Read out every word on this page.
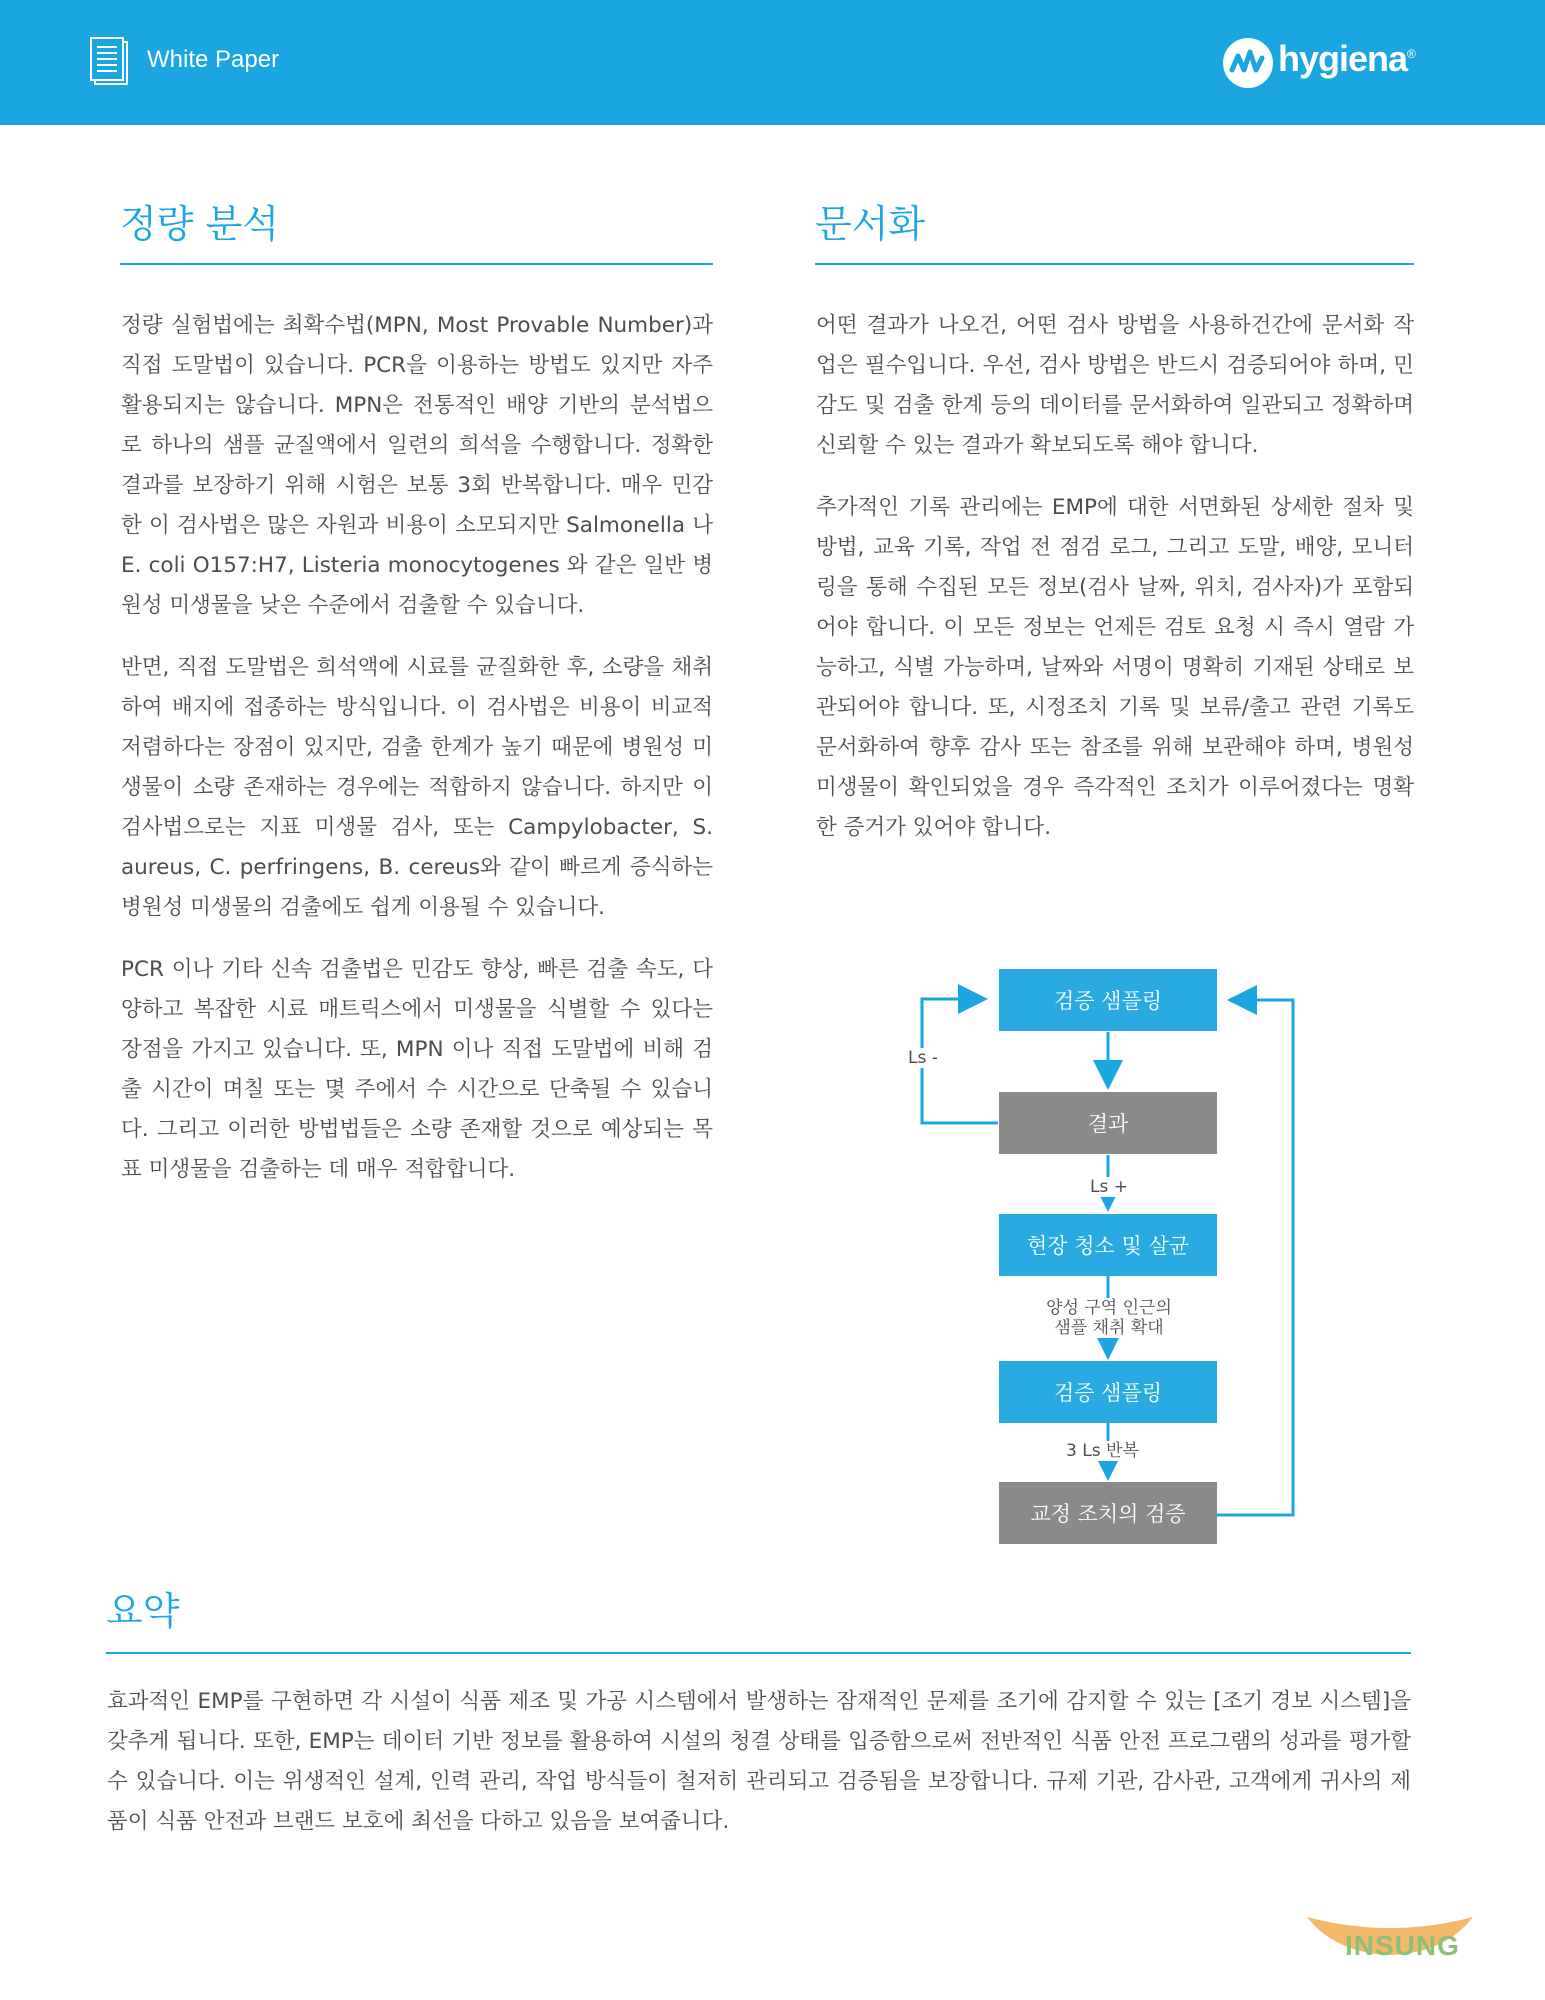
White Paper	hygiena®
정량 분석

정량 실험법에는 최확수법(MPN, Most Provable Number)과 직접 도말법이 있습니다. PCR을 이용하는 방법도 있지만 자주 활용되지는 않습니다. MPN은 전통적인 배양 기반의 분석법으로 하나의 샘플 균질액에서 일련의 희석을 수행합니다. 정확한 결과를 보장하기 위해 시험은 보통 3회 반복합니다. 매우 민감한 이 검사법은 많은 자원과 비용이 소모되지만 Salmonella 나 E. coli O157:H7, Listeria monocytogenes 와 같은 일반 병원성 미생물을 낮은 수준에서 검출할 수 있습니다.

반면, 직접 도말법은 희석액에 시료를 균질화한 후, 소량을 채취하여 배지에 접종하는 방식입니다. 이 검사법은 비용이 비교적 저렴하다는 장점이 있지만, 검출 한계가 높기 때문에 병원성 미생물이 소량 존재하는 경우에는 적합하지 않습니다. 하지만 이 검사법으로는 지표 미생물 검사, 또는 Campylobacter, S. aureus, C. perfringens, B. cereus와 같이 빠르게 증식하는 병원성 미생물의 검출에도 쉽게 이용될 수 있습니다.

PCR 이나 기타 신속 검출법은 민감도 향상, 빠른 검출 속도, 다양하고 복잡한 시료 매트릭스에서 미생물을 식별할 수 있다는 장점을 가지고 있습니다. 또, MPN 이나 직접 도말법에 비해 검출 시간이 며칠 또는 몇 주에서 수 시간으로 단축될 수 있습니다. 그리고 이러한 방법법들은 소량 존재할 것으로 예상되는 목표 미생물을 검출하는 데 매우 적합합니다.

문서화

어떤 결과가 나오건, 어떤 검사 방법을 사용하건간에 문서화 작업은 필수입니다. 우선, 검사 방법은 반드시 검증되어야 하며, 민감도 및 검출 한계 등의 데이터를 문서화하여 일관되고 정확하며 신뢰할 수 있는 결과가 확보되도록 해야 합니다.

추가적인 기록 관리에는 EMP에 대한 서면화된 상세한 절차 및 방법, 교육 기록, 작업 전 점검 로그, 그리고 도말, 배양, 모니터링을 통해 수집된 모든 정보(검사 날짜, 위치, 검사자)가 포함되어야 합니다. 이 모든 정보는 언제든 검토 요청 시 즉시 열람 가능하고, 식별 가능하며, 날짜와 서명이 명확히 기재된 상태로 보관되어야 합니다. 또, 시정조치 기록 및 보류/출고 관련 기록도 문서화하여 향후 감사 또는 참조를 위해 보관해야 하며, 병원성 미생물이 확인되었을 경우 즉각적인 조치가 이루어졌다는 명확한 증거가 있어야 합니다.

검증 샘플링
결과
현장 청소 및 살균
검증 샘플링
교정 조치의 검증
Ls -
Ls +
양성 구역 인근의
샘플 채취 확대
3 Ls 반복
요약

효과적인 EMP를 구현하면 각 시설이 식품 제조 및 가공 시스템에서 발생하는 잠재적인 문제를 조기에 감지할 수 있는 [조기 경보 시스템]을 갖추게 됩니다. 또한, EMP는 데이터 기반 정보를 활용하여 시설의 청결 상태를 입증함으로써 전반적인 식품 안전 프로그램의 성과를 평가할 수 있습니다. 이는 위생적인 설계, 인력 관리, 작업 방식들이 철저히 관리되고 검증됨을 보장합니다. 규제 기관, 감사관, 고객에게 귀사의 제품이 식품 안전과 브랜드 보호에 최선을 다하고 있음을 보여줍니다.

INSUNG
